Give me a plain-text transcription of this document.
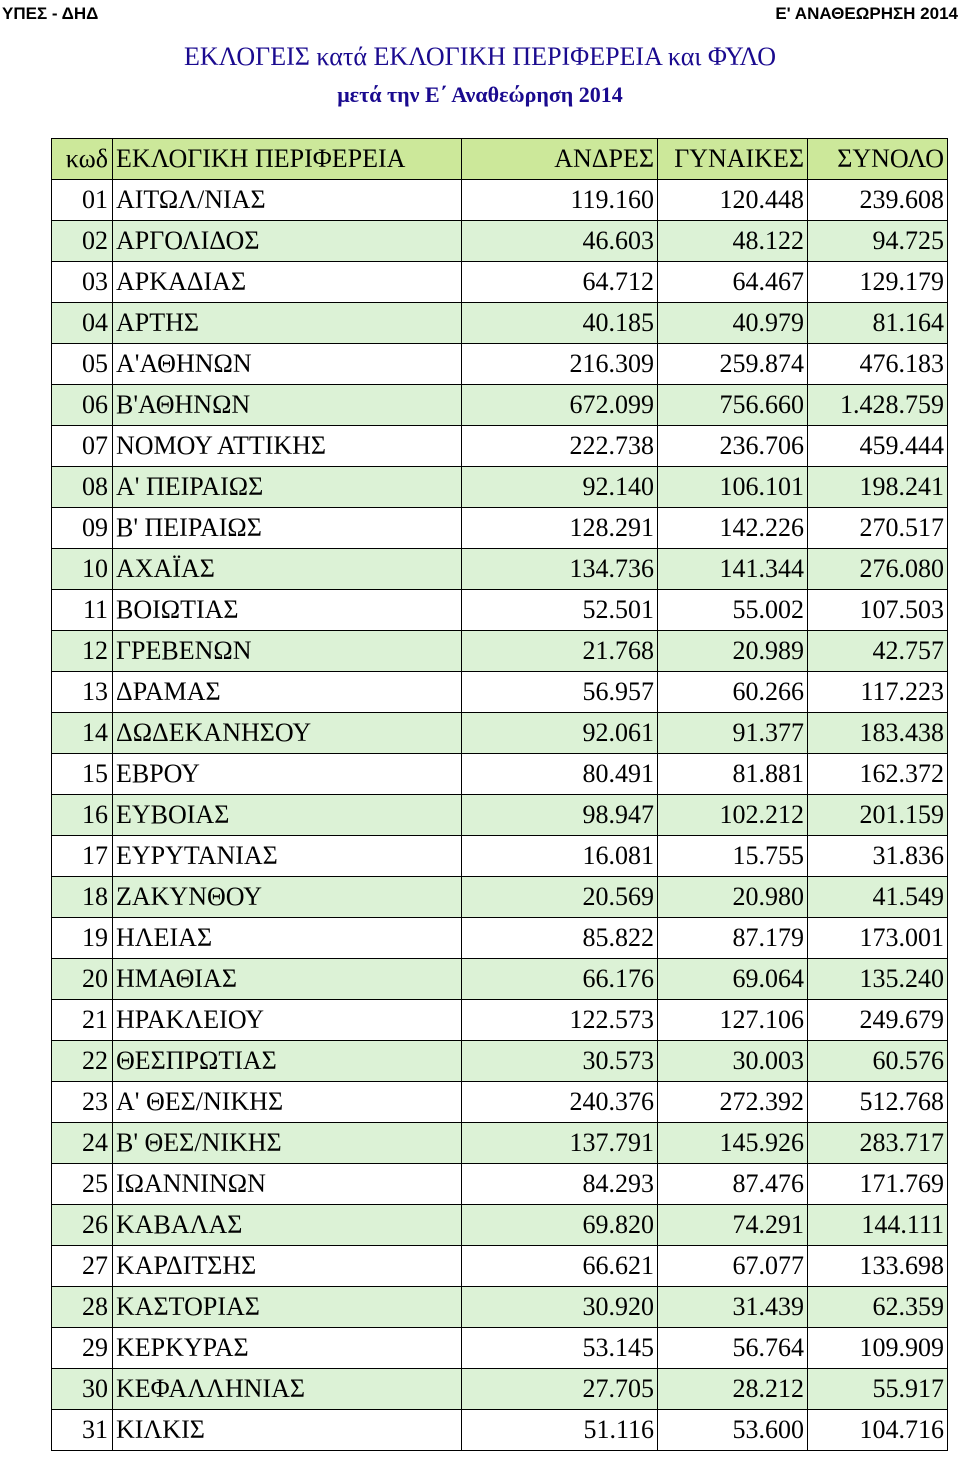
ΥΠΕΣ - ΔΗΔ	Ε' ΑΝΑΘΕΩΡΗΣΗ 2014
ΕΚΛΟΓΕΙΣ κατά ΕΚΛΟΓΙΚΗ ΠΕΡΙΦΕΡΕΙΑ και ΦΥΛΟ
μετά την Ε΄ Αναθεώρηση 2014
κωδ	ΕΚΛΟΓΙΚΗ ΠΕΡΙΦΕΡΕΙΑ	ΑΝΔΡΕΣ	ΓΥΝΑΙΚΕΣ	ΣΥΝΟΛΟ
01	ΑΙΤΩΛ/ΝΙΑΣ	119.160	120.448	239.608
02	ΑΡΓΟΛΙΔΟΣ	46.603	48.122	94.725
03	ΑΡΚΑΔΙΑΣ	64.712	64.467	129.179
04	ΑΡΤΗΣ	40.185	40.979	81.164
05	Α'ΑΘΗΝΩΝ	216.309	259.874	476.183
06	Β'ΑΘΗΝΩΝ	672.099	756.660	1.428.759
07	ΝΟΜΟΥ ΑΤΤΙΚΗΣ	222.738	236.706	459.444
08	Α' ΠΕΙΡΑΙΩΣ	92.140	106.101	198.241
09	Β' ΠΕΙΡΑΙΩΣ	128.291	142.226	270.517
10	ΑΧΑΪΑΣ	134.736	141.344	276.080
11	ΒΟΙΩΤΙΑΣ	52.501	55.002	107.503
12	ΓΡΕΒΕΝΩΝ	21.768	20.989	42.757
13	ΔΡΑΜΑΣ	56.957	60.266	117.223
14	ΔΩΔΕΚΑΝΗΣΟΥ	92.061	91.377	183.438
15	ΕΒΡΟΥ	80.491	81.881	162.372
16	ΕΥΒΟΙΑΣ	98.947	102.212	201.159
17	ΕΥΡΥΤΑΝΙΑΣ	16.081	15.755	31.836
18	ΖΑΚΥΝΘΟΥ	20.569	20.980	41.549
19	ΗΛΕΙΑΣ	85.822	87.179	173.001
20	ΗΜΑΘΙΑΣ	66.176	69.064	135.240
21	ΗΡΑΚΛΕΙΟΥ	122.573	127.106	249.679
22	ΘΕΣΠΡΩΤΙΑΣ	30.573	30.003	60.576
23	Α' ΘΕΣ/ΝΙΚΗΣ	240.376	272.392	512.768
24	Β' ΘΕΣ/ΝΙΚΗΣ	137.791	145.926	283.717
25	ΙΩΑΝΝΙΝΩΝ	84.293	87.476	171.769
26	ΚΑΒΑΛΑΣ	69.820	74.291	144.111
27	ΚΑΡΔΙΤΣΗΣ	66.621	67.077	133.698
28	ΚΑΣΤΟΡΙΑΣ	30.920	31.439	62.359
29	ΚΕΡΚΥΡΑΣ	53.145	56.764	109.909
30	ΚΕΦΑΛΛΗΝΙΑΣ	27.705	28.212	55.917
31	ΚΙΛΚΙΣ	51.116	53.600	104.716
